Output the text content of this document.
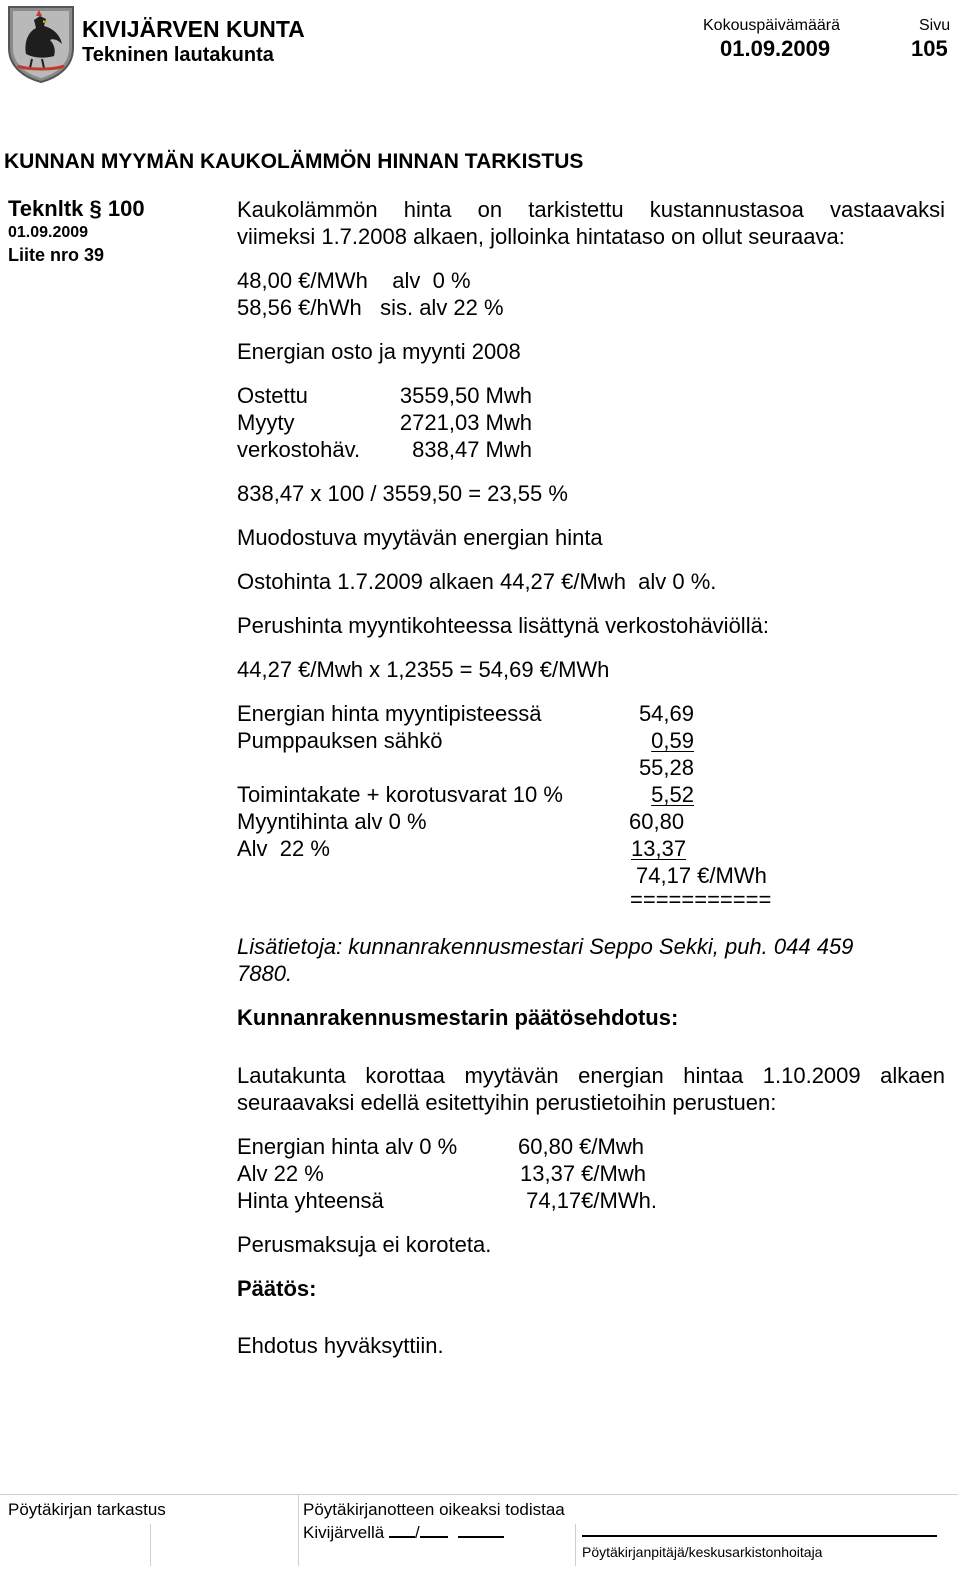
KIVIJÄRVEN KUNTA
Tekninen lautakunta
Kokouspäivämäärä
01.09.2009
Sivu
105
KUNNAN MYYMÄN KAUKOLÄMMÖN HINNAN TARKISTUS
Teknltk § 100
01.09.2009
Liite nro 39
Kaukolämmön hinta on tarkistettu kustannustasoa vastaavaksi
viimeksi 1.7.2008 alkaen, jolloinka hintataso on ollut seuraava:
48,00 €/MWh    alv  0 %
58,56 €/hWh   sis. alv 22 %
Energian osto ja myynti 2008
Ostettu	3559,50 Mwh
Myyty	2721,03 Mwh
verkostohäv.	838,47 Mwh
838,47 x 100 / 3559,50 = 23,55 %
Muodostuva myytävän energian hinta
Ostohinta 1.7.2009 alkaen 44,27 €/Mwh  alv 0 %.
Perushinta myyntikohteessa lisättynä verkostohäviöllä:
44,27 €/Mwh x 1,2355 = 54,69 €/MWh
Energian hinta myyntipisteessä	54,69
Pumppauksen sähkö	0,59
55,28
Toimintakate + korotusvarat 10 %	5,52
Myyntihinta alv 0 %	60,80
Alv  22 %	13,37
74,17 €/MWh
===========
Lisätietoja: kunnanrakennusmestari Seppo Sekki, puh. 044 459
7880.
Kunnanrakennusmestarin päätösehdotus:
Lautakunta korottaa myytävän energian hintaa 1.10.2009 alkaen
seuraavaksi edellä esitettyihin perustietoihin perustuen:
Energian hinta alv 0 %	60,80 €/Mwh
Alv 22 %	13,37 €/Mwh
Hinta yhteensä	74,17€/MWh.
Perusmaksuja ei koroteta.
Päätös:
Ehdotus hyväksyttiin.
Pöytäkirjan tarkastus	Pöytäkirjanotteen oikeaksi todistaa
Kivijärvellä /
Pöytäkirjanpitäjä/keskusarkistonhoitaja
